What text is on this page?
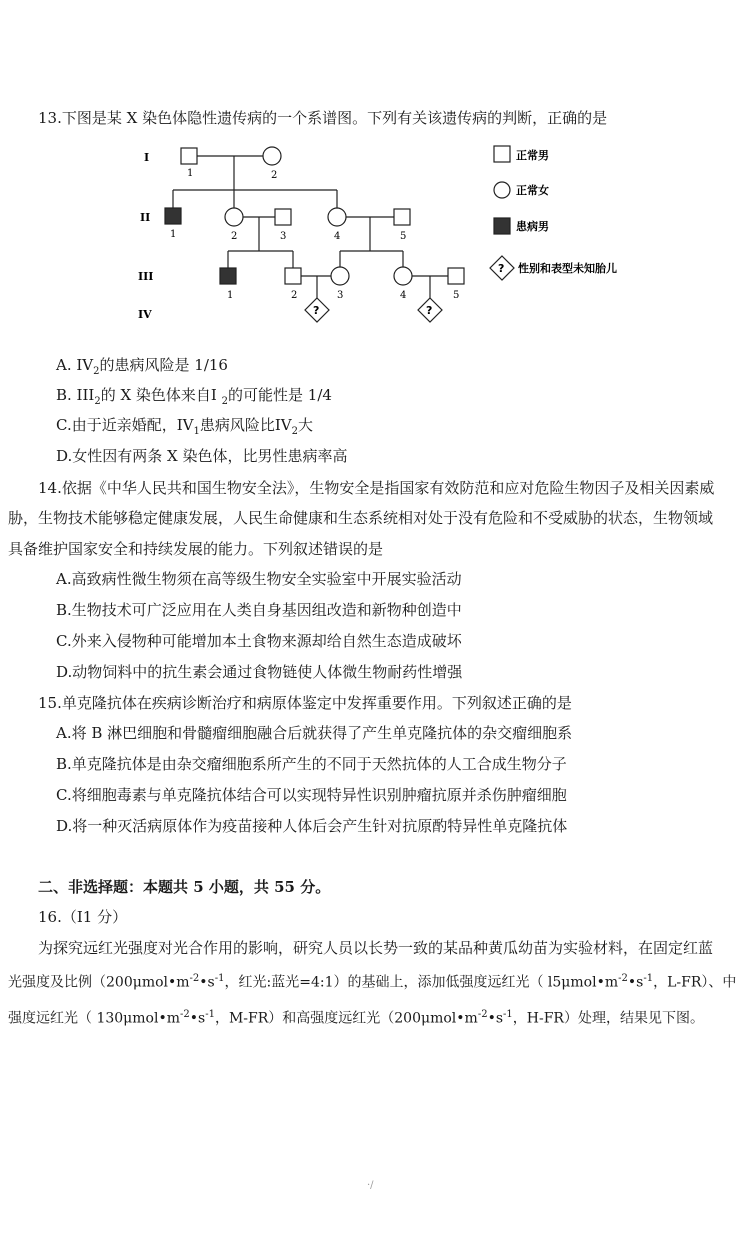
13.下图是某 X 染色体隐性遗传病的一个系谱图。下列有关该遗传病的判断，正确的是
I
II
III
IV
1	2
1	2	3	4	5
1	2	3	4	5
?	?
?
正常男
正常女
患病男
性别和表型未知胎儿
A. $IV_2$的患病风险是 1/16
B. $III_2$的 X 染色体来自I $_2$的可能性是 1/4
C.由于近亲婚配，$IV_1$患病风险比$IV_2$大
D.女性因有两条 X 染色体，比男性患病率高
14.依据《中华人民共和国生物安全法》，生物安全是指国家有效防范和应对危险生物因子及相关因素威
胁，生物技术能够稳定健康发展，人民生命健康和生态系统相对处于没有危险和不受威胁的状态，生物领域
具备维护国家安全和持续发展的能力。下列叙述错误的是
A.高致病性微生物须在高等级生物安全实验室中开展实验活动
B.生物技术可广泛应用在人类自身基因组改造和新物种创造中
C.外来入侵物种可能增加本土食物来源却给自然生态造成破坏
D.动物饲料中的抗生素会通过食物链使人体微生物耐药性增强
15.单克隆抗体在疾病诊断治疗和病原体鉴定中发挥重要作用。下列叙述正确的是
A.将 B 淋巴细胞和骨髓瘤细胞融合后就获得了产生单克隆抗体的杂交瘤细胞系
B.单克隆抗体是由杂交瘤细胞系所产生的不同于天然抗体的人工合成生物分子
C.将细胞毒素与单克隆抗体结合可以实现特异性识别肿瘤抗原并杀伤肿瘤细胞
D.将一种灭活病原体作为疫苗接种人体后会产生针对抗原酌特异性单克隆抗体
二、非选择题：本题共 5 小题，共 55 分。
16.（I1 分）
为探究远红光强度对光合作用的影响，研究人员以长势一致的某品种黄瓜幼苗为实验材料，在固定红蓝
光强度及比例（$200\mu mol•m^{-2}•s^{-1}$，红光:蓝光=4:1）的基础上，添加低强度远红光（ $l5\mu mol•m^{-2}•s^{-1}$，L-FR）、中
强度远红光（ $130\mu mol•m^{-2}•s^{-1}$，M-FR）和高强度远红光（$200\mu mol•m^{-2}•s^{-1}$，H-FR）处理，结果见下图。
·/
